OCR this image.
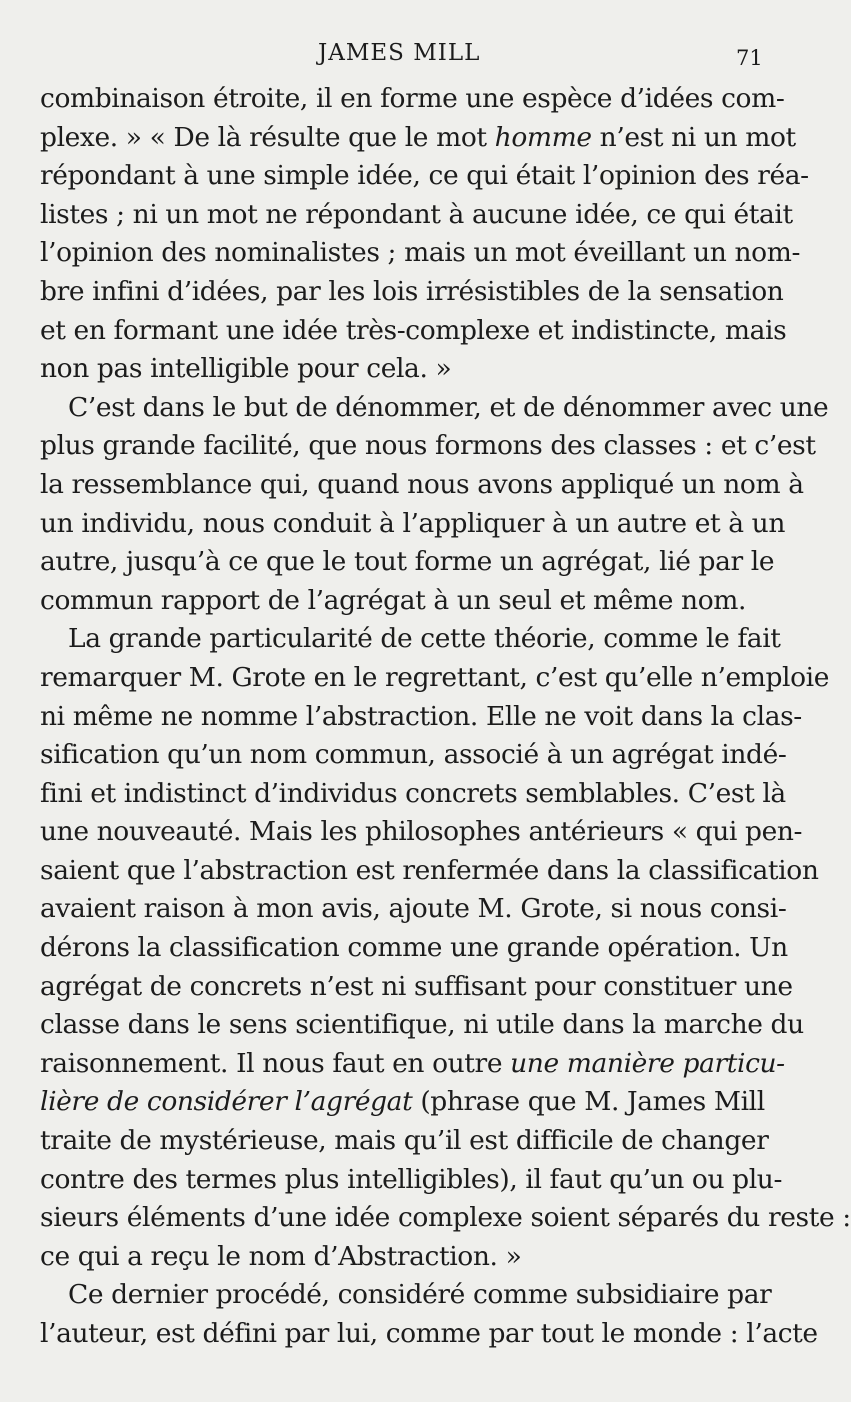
JAMES MILL	71
combinaison étroite, il en forme une espèce d’idées com-
plexe. » « De là résulte que le mot homme n’est ni un mot
répondant à une simple idée, ce qui était l’opinion des réa-
listes ; ni un mot ne répondant à aucune idée, ce qui était
l’opinion des nominalistes ; mais un mot éveillant un nom-
bre infini d’idées, par les lois irrésistibles de la sensation
et en formant une idée très-complexe et indistincte, mais
non pas intelligible pour cela. »
C’est dans le but de dénommer, et de dénommer avec une
plus grande facilité, que nous formons des classes : et c’est
la ressemblance qui, quand nous avons appliqué un nom à
un individu, nous conduit à l’appliquer à un autre et à un
autre, jusqu’à ce que le tout forme un agrégat, lié par le
commun rapport de l’agrégat à un seul et même nom.
La grande particularité de cette théorie, comme le fait
remarquer M. Grote en le regrettant, c’est qu’elle n’emploie
ni même ne nomme l’abstraction. Elle ne voit dans la clas-
sification qu’un nom commun, associé à un agrégat indé-
fini et indistinct d’individus concrets semblables. C’est là
une nouveauté. Mais les philosophes antérieurs « qui pen-
saient que l’abstraction est renfermée dans la classification
avaient raison à mon avis, ajoute M. Grote, si nous consi-
dérons la classification comme une grande opération. Un
agrégat de concrets n’est ni suffisant pour constituer une
classe dans le sens scientifique, ni utile dans la marche du
raisonnement. Il nous faut en outre une manière particu-
lière de considérer l’agrégat (phrase que M. James Mill
traite de mystérieuse, mais qu’il est difficile de changer
contre des termes plus intelligibles), il faut qu’un ou plu-
sieurs éléments d’une idée complexe soient séparés du reste :
ce qui a reçu le nom d’Abstraction. »
Ce dernier procédé, considéré comme subsidiaire par
l’auteur, est défini par lui, comme par tout le monde : l’acte
